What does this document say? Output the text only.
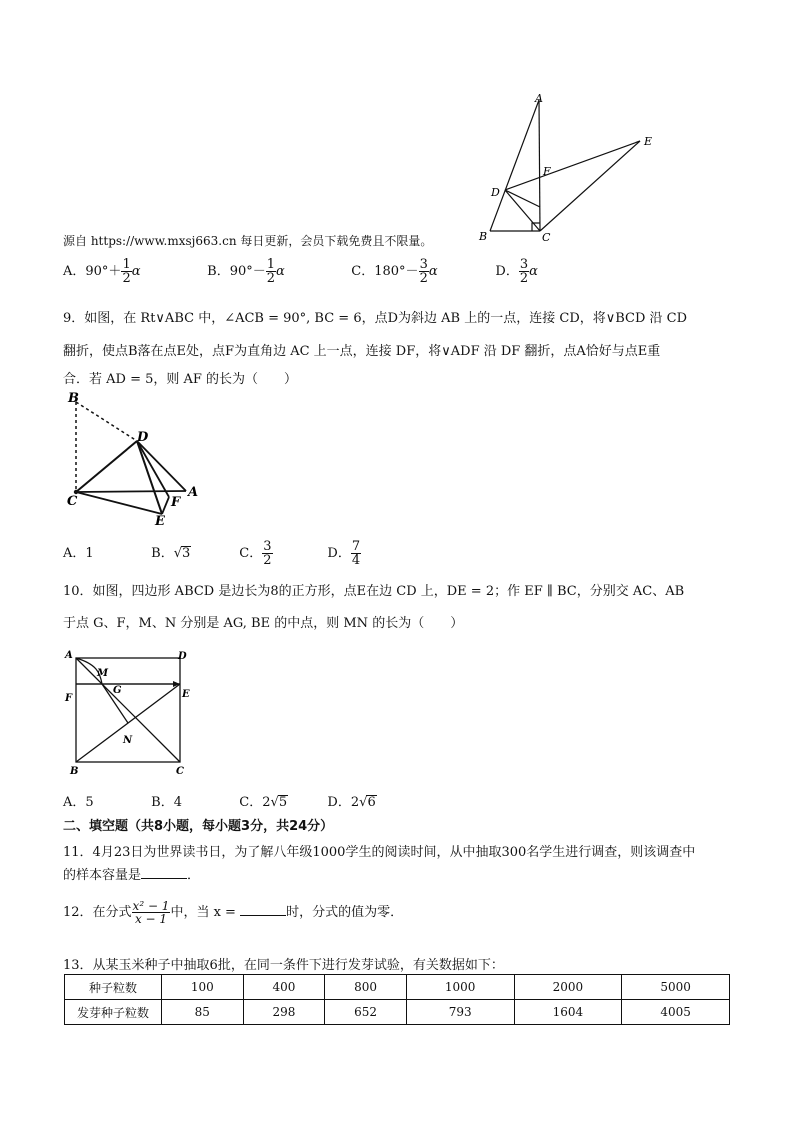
A
B	C
D
E
F
源自 https://www.mxsj663.cn 每日更新，会员下载免费且不限量。
A．$90^\circ+ \frac{1}{2}$ α	B．$90^\circ- \frac{1}{2}$ α	C．$180^\circ- \frac{3}{2}$ α	D． $\frac{3}{2}$ α
9．如图，在 Rt∨ABC 中，∠ACB = 90°, BC = 6，点D为斜边 AB 上的一点，连接 CD，将∨BCD 沿 CD
翻折，使点B落在点E处，点F为直角边 AC 上一点，连接 DF，将∨ADF 沿 DF 翻折，点A恰好与点E重
合．若 AD = 5，则 AF 的长为（　　）
B
D
C
A
F
E
A．1	B．√3	C． $\frac{3}{2}$	D． $\frac{7}{4}$
10．如图，四边形 ABCD 是边长为8的正方形，点E在边 CD 上，DE = 2；作 EF ∥ BC，分别交 AC、AB
于点 G、F，M、N 分别是 AG, BE 的中点，则 MN 的长为（　　）
A	D
F	E
M
G
N
B	C
A．5	B．4	C．2√5	D．2√6
二、填空题（共8小题，每小题3分，共24分）
11．4月23日为世界读书日，为了解八年级1000学生的阅读时间，从中抽取300名学生进行调查，则该调查中
的样本容量是	．
12．在分式 $\frac{\text{x² − 1}}{x - 1}$ 中，当 x =	时，分式的值为零．
13．从某玉米种子中抽取6批，在同一条件下进行发芽试验，有关数据如下：
种子粒数	100	400	800	1000	2000	5000
发芽种子粒数	85	298	652	793	1604	4005
